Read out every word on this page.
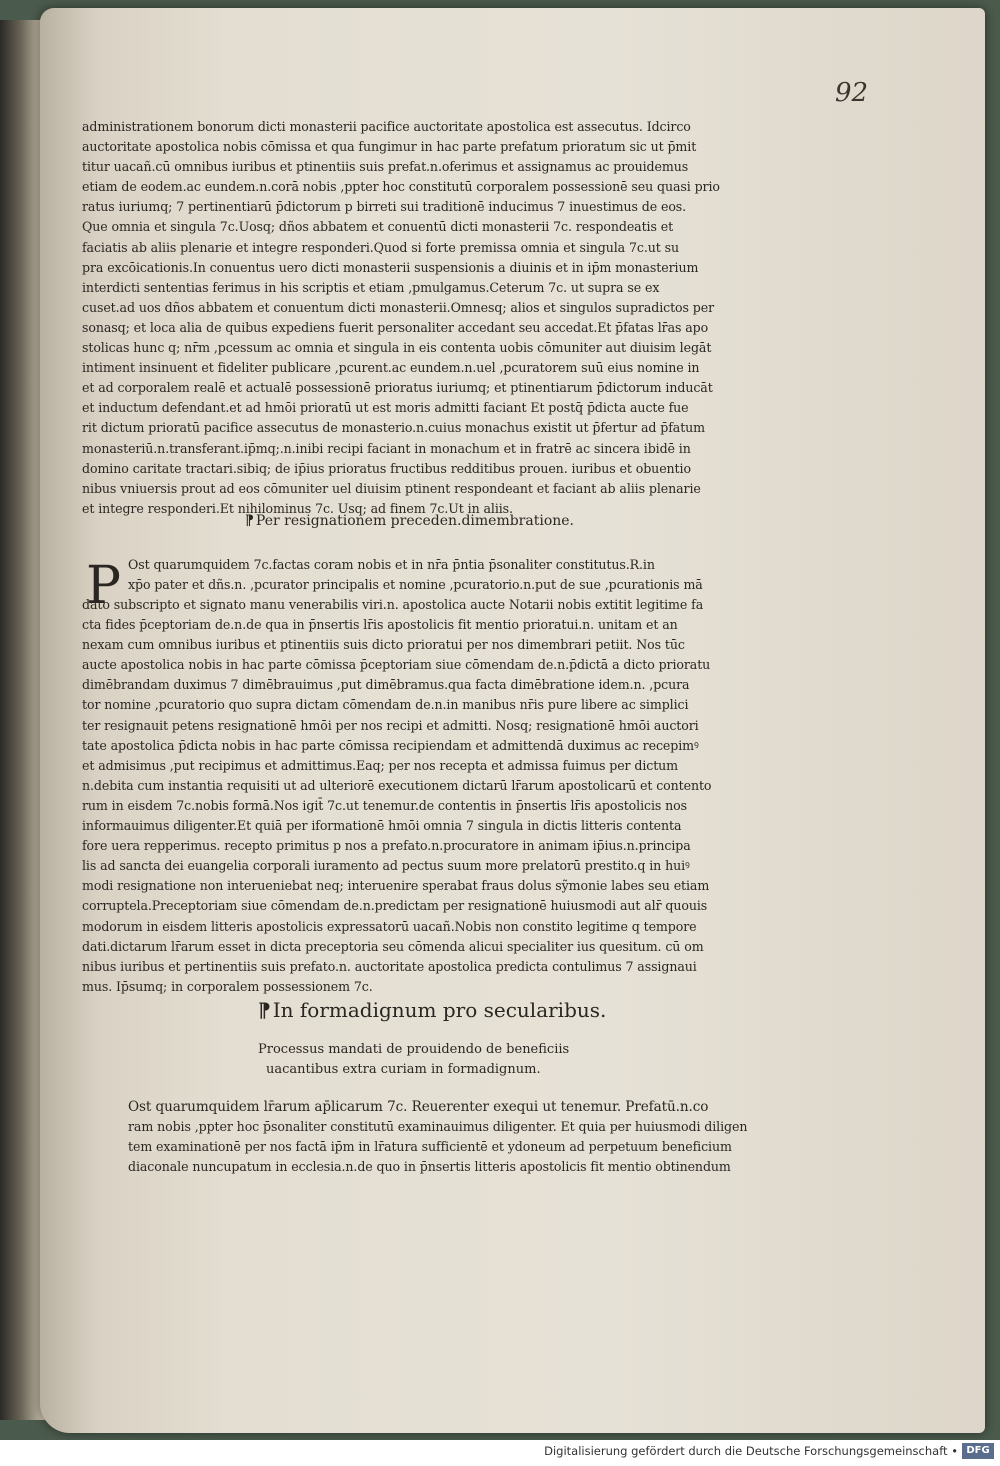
92

administrationem bonorum dicti monasterii pacifice auctoritate apostolica est assecutus. Idcirco

auctoritate apostolica nobis cōmissa et qua fungimur in hac parte prefatum prioratum sic ut p̄mit

titur uacañ.cū omnibus iuribus et ptinentiis suis prefat.n.oferimus et assignamus ac prouidemus

etiam de eodem.ac eundem.n.corā nobis ,ppter hoc constitutū corporalem possessionē seu quasi prio

ratus iuriumq; 7 pertinentiarū p̄dictorum p birreti sui traditionē inducimus 7 inuestimus de eos.

Que omnia et singula 7c.Uosq; dños abbatem et conuentū dicti monasterii 7c. respondeatis et

faciatis ab aliis plenarie et integre responderi.Quod si forte premissa omnia et singula 7c.ut su

pra excōicationis.In conuentus uero dicti monasterii suspensionis a diuinis et in ip̄m monasterium

interdicti sententias ferimus in his scriptis et etiam ,pmulgamus.Ceterum 7c. ut supra se ex

cuset.ad uos dños abbatem et conuentum dicti monasterii.Omnesq; alios et singulos supradictos per

sonasq; et loca alia de quibus expediens fuerit personaliter accedant seu accedat.Et p̄fatas lr̄as apo

stolicas hunc q; nr̄m ,pcessum ac omnia et singula in eis contenta uobis cōmuniter aut diuisim legāt

intiment insinuent et fideliter publicare ,pcurent.ac eundem.n.uel ,pcuratorem suū eius nomine in

et ad corporalem realē et actualē possessionē prioratus iuriumq; et ptinentiarum p̄dictorum inducāt

et inductum defendant.et ad hmōi prioratū ut est moris admitti faciant Et postq̄ p̄dicta aucte fue

rit dictum prioratū pacifice assecutus de monasterio.n.cuius monachus existit ut p̄fertur ad p̄fatum

monasteriū.n.transferant.ip̄mq;.n.inibi recipi faciant in monachum et in fratrē ac sincera ibidē in

domino caritate tractari.sibiq; de ip̄ius prioratus fructibus redditibus prouen. iuribus et obuentio

nibus vniuersis prout ad eos cōmuniter uel diuisim ptinent respondeant et faciant ab aliis plenarie

et integre responderi.Et nihilominus 7c. Usq; ad finem 7c.Ut in aliis.

⁋ Per resignationem preceden.dimembratione.
P Ost quarumquidem 7c.factas coram nobis et in nr̄a p̄ntia p̄sonaliter constitutus.R.in

xp̄o pater et dñs.n. ,pcurator principalis et nomine ,pcuratorio.n.put de sue ,pcurationis mā

dato subscripto et signato manu venerabilis viri.n. apostolica aucte Notarii nobis extitit legitime fa

cta fides p̄ceptoriam de.n.de qua in p̄nsertis lr̄is apostolicis fit mentio prioratui.n. unitam et an

nexam cum omnibus iuribus et ptinentiis suis dicto prioratui per nos dimembrari petiit. Nos tūc

aucte apostolica nobis in hac parte cōmissa p̄ceptoriam siue cōmendam de.n.p̄dictā a dicto prioratu

dimēbrandam duximus 7 dimēbrauimus ,put dimēbramus.qua facta dimēbratione idem.n. ,pcura

tor nomine ,pcuratorio quo supra dictam cōmendam de.n.in manibus nr̄is pure libere ac simplici

ter resignauit petens resignationē hmōi per nos recipi et admitti. Nosq; resignationē hmōi auctori

tate apostolica p̄dicta nobis in hac parte cōmissa recipiendam et admittendā duximus ac recepimꝰ

et admisimus ,put recipimus et admittimus.Eaq; per nos recepta et admissa fuimus per dictum

n.debita cum instantia requisiti ut ad ulteriorē executionem dictarū lr̄arum apostolicarū et contento

rum in eisdem 7c.nobis formā.Nos igit̄ 7c.ut tenemur.de contentis in p̄nsertis lr̄is apostolicis nos

informauimus diligenter.Et quiā per iformationē hmōi omnia 7 singula in dictis litteris contenta

fore uera repperimus. recepto primitus p nos a prefato.n.procuratore in animam ip̄ius.n.principa

lis ad sancta dei euangelia corporali iuramento ad pectus suum more prelatorū prestito.q in huiꝰ

modi resignatione non interueniebat neq; interuenire sperabat fraus dolus sỹmonie labes seu etiam

corruptela.Preceptoriam siue cōmendam de.n.predictam per resignationē huiusmodi aut alr̄ quouis

modorum in eisdem litteris apostolicis expressatorū uacañ.Nobis non constito legitime q tempore

dati.dictarum lr̄arum esset in dicta preceptoria seu cōmenda alicui specialiter ius quesitum. cū om

nibus iuribus et pertinentiis suis prefato.n. auctoritate apostolica predicta contulimus 7 assignaui

mus. Ip̄sumq; in corporalem possessionem 7c.

⁋ In formadignum pro secularibus.
Processus mandati de prouidendo de beneficiis
uacantibus extra curiam in formadignum.

Ost quarumquidem lr̄arum ap̄licarum 7c. Reuerenter exequi ut tenemur. Prefatū.n.co

ram nobis ,ppter hoc p̄sonaliter constitutū examinauimus diligenter. Et quia per huiusmodi diligen

tem examinationē per nos factā ip̄m in lr̄atura sufficientē et ydoneum ad perpetuum beneficium

diaconale nuncupatum in ecclesia.n.de quo in p̄nsertis litteris apostolicis fit mentio obtinendum

Digitalisierung gefördert durch die Deutsche Forschungsgemeinschaft • DFG
